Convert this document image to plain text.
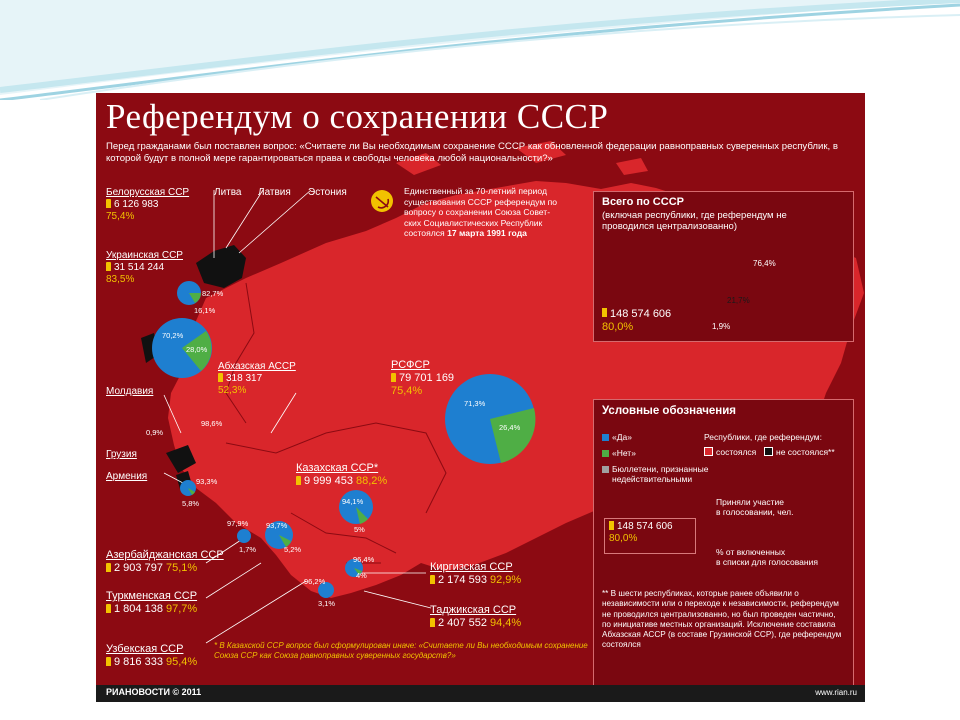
Референдум о сохранении СССР

Перед гражданами был поставлен вопрос: «Считаете ли Вы необходимым сохранение СССР как обновленной федерации равноправных суверенных республик, в которой будут в полной мере гарантироваться права и свободы человека любой национальности?»

Литва Латвия Эстония	Единственный за 70-летний период
существования СССР референдум по
вопросу о сохранении Союза Совет-
ских Социалистических Республик
состоялся 17 марта 1991 года
Белорусская ССР
6 126 983
75,4%
Украинская ССР
31 514 244
83,5%
82,7%
16,1%
70,2%
28,0%
Молдавия
Грузия
Армения
Абхазская АССР
318 317
52,3%
98,6%
0,9%
93,3%
5,8%
РСФСР
79 701 169
75,4%
71,3%
26,4%
Казахская ССР*
9 999 453 88,2%
94,1%
5%
Азербайджанская ССР
2 903 797 75,1%
97,9%
1,7%
Туркменская ССР
1 804 138 97,7%
93,7%
5,2%
Узбекская ССР
9 816 333 95,4%
96,2%
3,1%
Киргизская ССР
2 174 593 92,9%
96,4%
4%
Таджикская ССР
2 407 552 94,4%
Всего по СССР
(включая республики, где референдум не проводился централизованно)
148 574 606
80,0%
76,4%
21,7%
1,9%
Условные обозначения
«Да»
«Нет»
Бюллетени, признанные
недействительными
Республики, где референдум:
состоялся	не состоялся**
Приняли участие
в голосовании, чел.
148 574 606
80,0%
% от включенных
в списки для голосования
** В шести республиках, которые ранее объявили о независимости или о переходе к независимости, референдум не проводился централизованно, но был проведен частично, по инициативе местных организаций. Исключение составила Абхазская АССР (в составе Грузинской ССР), где референдум состоялся
* В Казахской ССР вопрос был сформулирован иначе: «Считаете ли Вы необходимым сохранение Союза ССР как Союза равноправных суверенных государств?»
РИАНОВОСТИ © 2011	www.rian.ru
